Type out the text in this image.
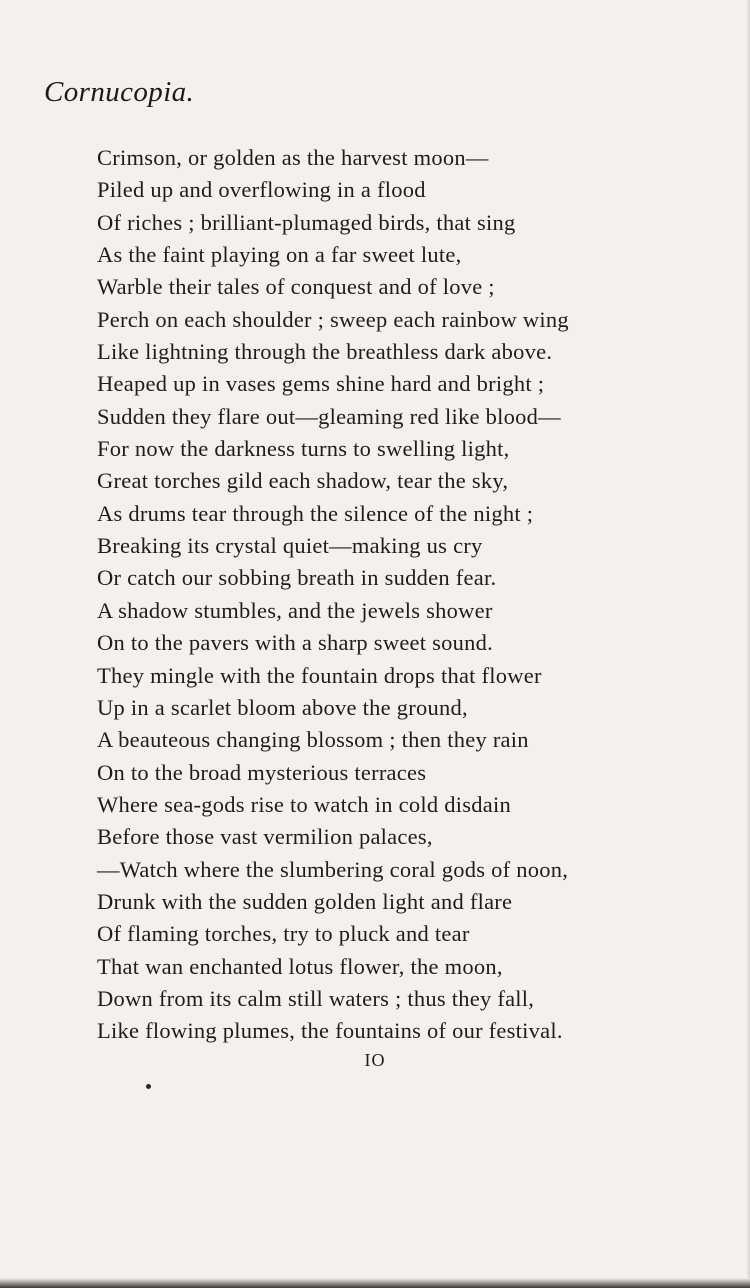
Cornucopia.
Crimson, or golden as the harvest moon—
Piled up and overflowing in a flood
Of riches ; brilliant-plumaged birds, that sing
As the faint playing on a far sweet lute,
Warble their tales of conquest and of love ;
Perch on each shoulder ; sweep each rainbow wing
Like lightning through the breathless dark above.
Heaped up in vases gems shine hard and bright ;
Sudden they flare out—gleaming red like blood—
For now the darkness turns to swelling light,
Great torches gild each shadow, tear the sky,
As drums tear through the silence of the night ;
Breaking its crystal quiet—making us cry
Or catch our sobbing breath in sudden fear.
A shadow stumbles, and the jewels shower
On to the pavers with a sharp sweet sound.
They mingle with the fountain drops that flower
Up in a scarlet bloom above the ground,
A beauteous changing blossom ; then they rain
On to the broad mysterious terraces
Where sea-gods rise to watch in cold disdain
Before those vast vermilion palaces,
—Watch where the slumbering coral gods of noon,
Drunk with the sudden golden light and flare
Of flaming torches, try to pluck and tear
That wan enchanted lotus flower, the moon,
Down from its calm still waters ; thus they fall,
Like flowing plumes, the fountains of our festival.
IO
